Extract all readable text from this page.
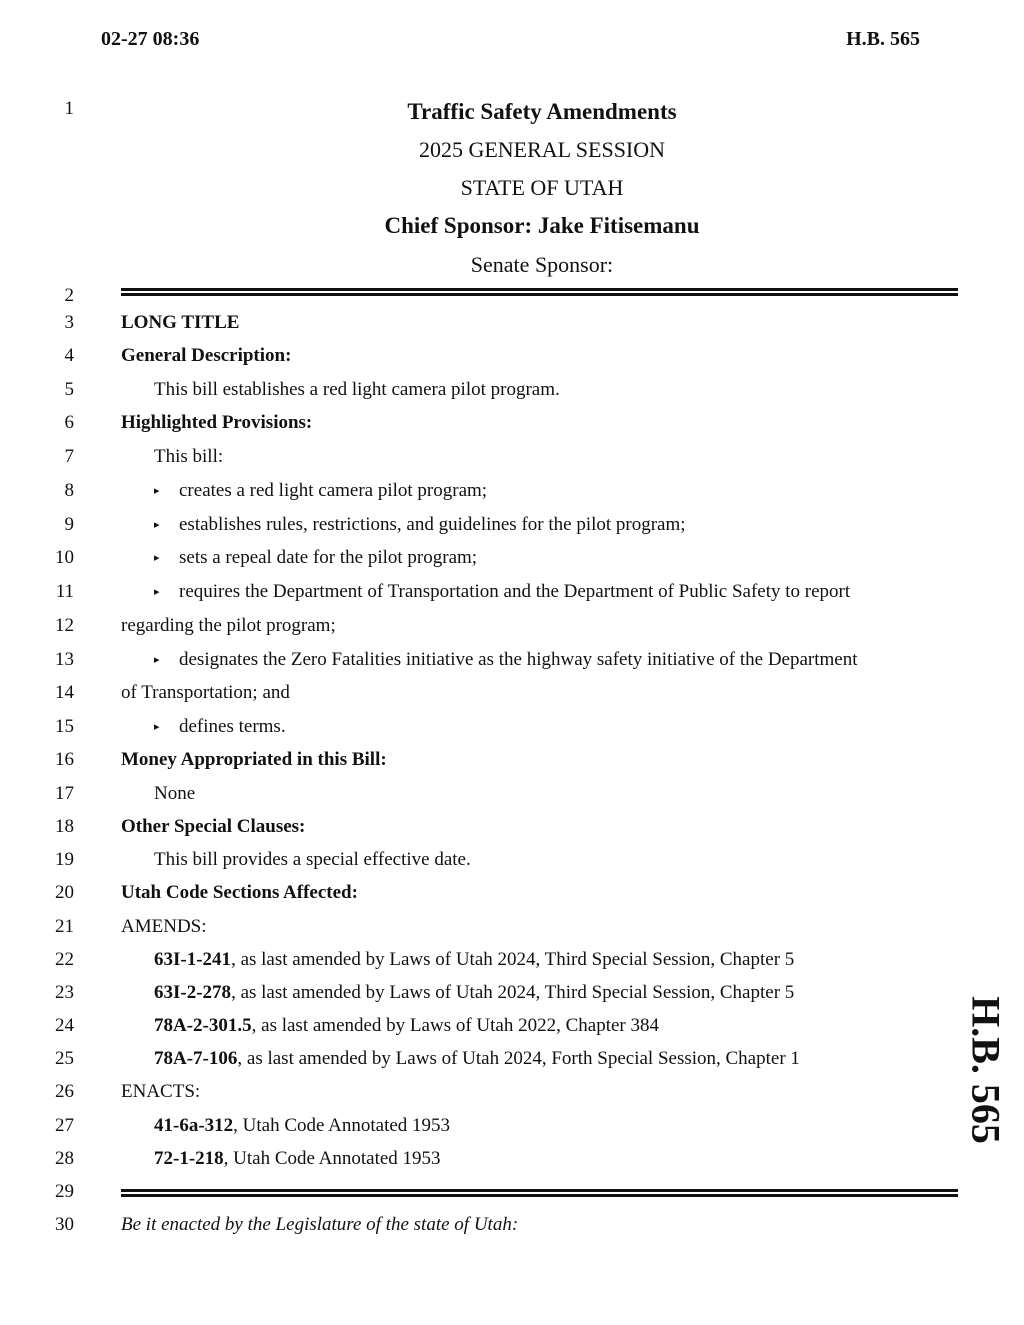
02-27 08:36	H.B. 565
1
2
3
4
5
6
7
8
9
10
11
12
13
14
15
16
17
18
19
20
21
22
23
24
25
26
27
28
29
30
Traffic Safety Amendments
2025 GENERAL SESSION
STATE OF UTAH
Chief Sponsor: Jake Fitisemanu
Senate Sponsor:
LONG TITLE
General Description:
This bill establishes a red light camera pilot program.
Highlighted Provisions:
This bill:
▸ creates a red light camera pilot program;
▸ establishes rules, restrictions, and guidelines for the pilot program;
▸ sets a repeal date for the pilot program;
▸ requires the Department of Transportation and the Department of Public Safety to report
regarding the pilot program;
▸ designates the Zero Fatalities initiative as the highway safety initiative of the Department
of Transportation; and
▸ defines terms.
Money Appropriated in this Bill:
None
Other Special Clauses:
This bill provides a special effective date.
Utah Code Sections Affected:
AMENDS:
63I-1-241, as last amended by Laws of Utah 2024, Third Special Session, Chapter 5
63I-2-278, as last amended by Laws of Utah 2024, Third Special Session, Chapter 5
78A-2-301.5, as last amended by Laws of Utah 2022, Chapter 384
78A-7-106, as last amended by Laws of Utah 2024, Forth Special Session, Chapter 1
ENACTS:
41-6a-312, Utah Code Annotated 1953
72-1-218, Utah Code Annotated 1953
Be it enacted by the Legislature of the state of Utah:
H.B. 565
